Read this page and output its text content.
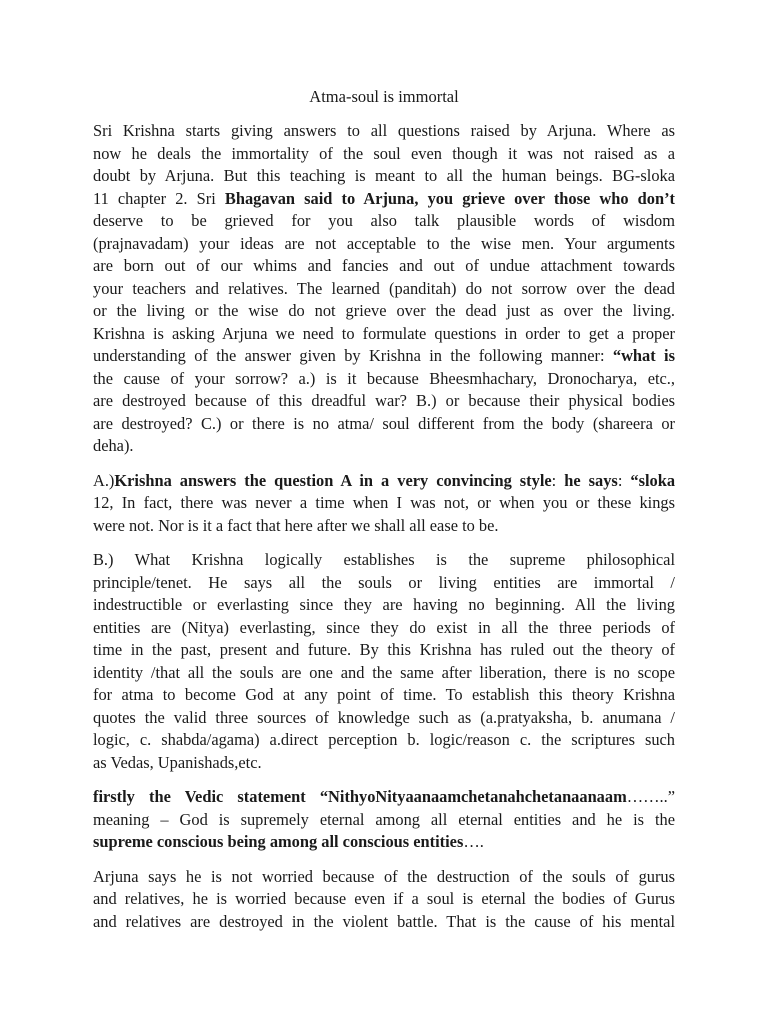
Atma-soul is immortal

Sri Krishna starts giving answers to all questions raised by Arjuna. Where as
now he deals the immortality of the soul even though it was not raised as a
doubt by Arjuna. But this teaching is meant to all the human beings. BG-sloka
11 chapter 2. Sri Bhagavan said to Arjuna, you grieve over those who don’t
deserve to be grieved for you also talk plausible words of wisdom
(prajnavadam) your ideas are not acceptable to the wise men. Your arguments
are born out of our whims and fancies and out of undue attachment towards
your teachers and relatives. The learned (panditah) do not sorrow over the dead
or the living or the wise do not grieve over the dead just as over the living.
Krishna is asking Arjuna we need to formulate questions in order to get a proper
understanding of the answer given by Krishna in the following manner: “what is
the cause of your sorrow? a.) is it because Bheesmhachary, Dronocharya, etc.,
are destroyed because of this dreadful war? B.) or because their physical bodies
are destroyed? C.) or there is no atma/ soul different from the body (shareera or
deha).

A.)Krishna answers the question A in a very convincing style: he says: “sloka
12, In fact, there was never a time when I was not, or when you or these kings
were not. Nor is it a fact that here after we shall all ease to be.

B.) What Krishna logically establishes is the supreme philosophical
principle/tenet. He says all the souls or living entities are immortal /
indestructible or everlasting since they are having no beginning. All the living
entities are (Nitya) everlasting, since they do exist in all the three periods of
time in the past, present and future. By this Krishna has ruled out the theory of
identity /that all the souls are one and the same after liberation, there is no scope
for atma to become God at any point of time. To establish this theory Krishna
quotes the valid three sources of knowledge such as (a.pratyaksha, b. anumana /
logic, c. shabda/agama) a.direct perception b. logic/reason c. the scriptures such
as Vedas, Upanishads,etc.

firstly the Vedic statement “NithyoNityaanaamchetanahchetanaanaam……..”
meaning – God is supremely eternal among all eternal entities and he is the
supreme conscious being among all conscious entities….

Arjuna says he is not worried because of the destruction of the souls of gurus
and relatives, he is worried because even if a soul is eternal the bodies of Gurus
and relatives are destroyed in the violent battle. That is the cause of his mental
